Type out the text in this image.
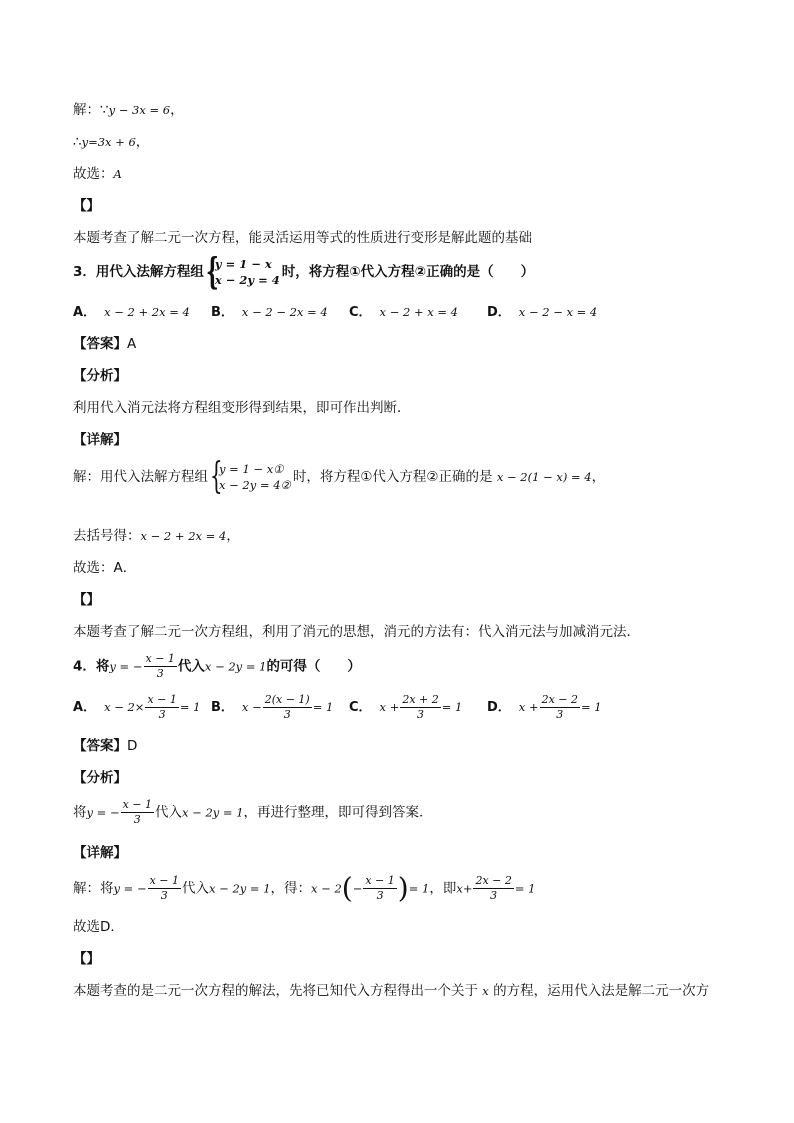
解：∵y − 3x = 6，
∴y=3x + 6，
故选：A
【】
本题考查了解二元一次方程，能灵活运用等式的性质进行变形是解此题的基础
3．用代入法解方程组 {
y = 1 − x
x − 2y = 4 时，将方程①代入方程②正确的是（　　）
A． x − 2 + 2x = 4 B． x − 2 − 2x = 4 C． x − 2 + x = 4 D． x − 2 − x = 4
【答案】A
【分析】
利用代入消元法将方程组变形得到结果，即可作出判断．
【详解】
解：用代入法解方程组 {
y = 1 − x①
x − 2y = 4② 时，将方程①代入方程②正确的是 x − 2(1 − x) = 4，
去括号得：x − 2 + 2x = 4，
故选：A．
【】
本题考查了解二元一次方程组，利用了消元的思想，消元的方法有：代入消元法与加减消元法．
4．将y = − $\frac{x - 1}{3}$ 代入x − 2y = 1的可得（　　）
A． $x - 2\times \frac{x - 1}{3} = 1$ B． $x - \frac{2(x - 1)}{3} = 1$ C． $x + \frac{2x + 2}{3} = 1$ D． $x + \frac{2x - 2}{3} = 1$
【答案】D
【分析】
将y = − $\frac{x - 1}{3}$ 代入x − 2y = 1，再进行整理，即可得到答案．
【详解】
解：将y = − $\frac{x - 1}{3}$ 代入x − 2y = 1，得：$x - 2(- \frac{x - 1}{3}$ )= 1，即$x+ \frac{2x - 2}{3} = 1$
故选D．
【】
本题考查的是二元一次方程的解法，先将已知代入方程得出一个关于 x 的方程，运用代入法是解二元一次方
